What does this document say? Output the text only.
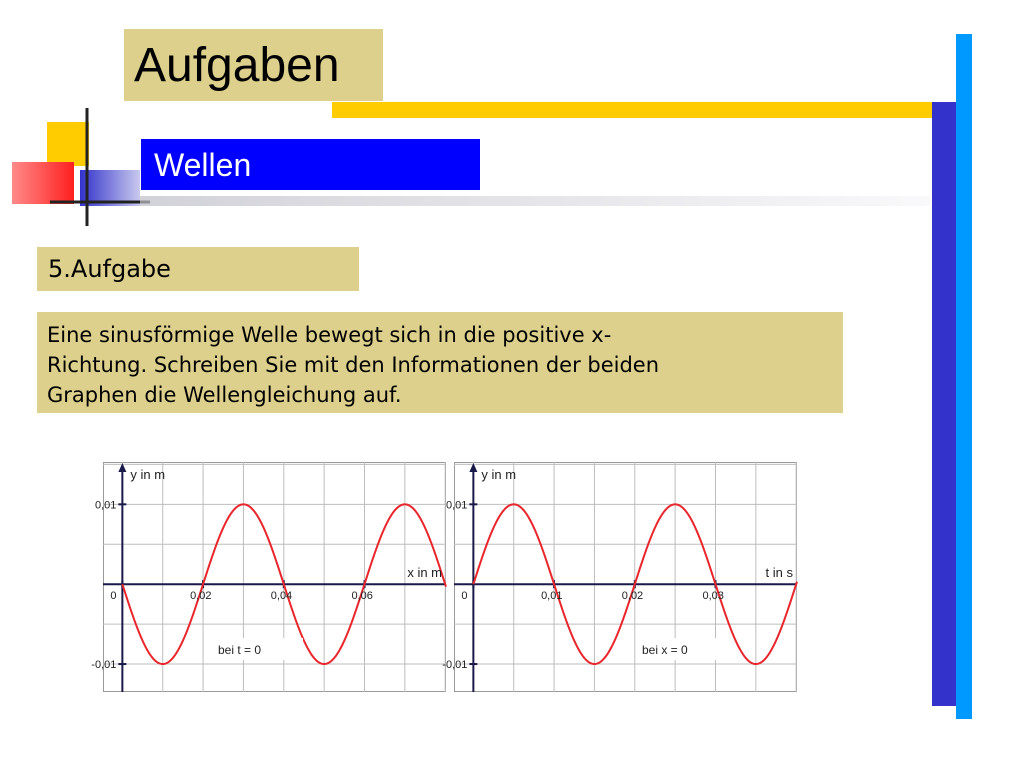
Aufgaben
Wellen
5.Aufgabe
Eine sinusförmige Welle bewegt sich in die positive x-
Richtung. Schreiben Sie mit den Informationen der beiden
Graphen die Wellengleichung auf.
0	0,02	0,04	0,06
0,01
-0,01
y in m
x in m
bei t = 0
0	0,01	0,02	0,03
0,01
-0,01
y in m
t in s
bei x = 0
